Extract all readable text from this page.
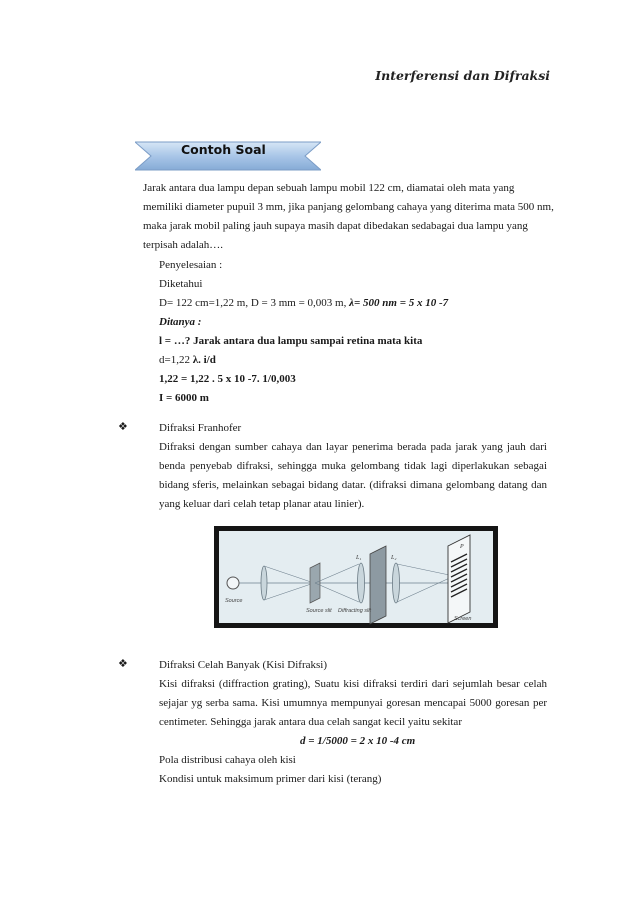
Interferensi dan Difraksi
Contoh Soal
Jarak antara dua lampu depan sebuah lampu mobil 122 cm, diamatai oleh mata yang
memiliki diameter pupuil 3 mm, jika panjang gelombang cahaya yang diterima mata 500 nm,
maka jarak mobil paling jauh supaya masih dapat dibedakan sedabagai dua lampu yang
terpisah adalah….
Penyelesaian :
Diketahui
D= 122 cm=1,22 m, D = 3 mm = 0,003 m, λ= 500 nm = 5 x 10 -7
Ditanya :
l = …? Jarak antara dua lampu sampai retina mata kita
d=1,22 λ. i/d
1,22 = 1,22 . 5 x 10 -7. 1/0,003
I = 6000 m
❖	Difraksi Franhofer
Difraksi dengan sumber cahaya dan layar penerima berada pada jarak yang jauh dari
benda penyebab difraksi, sehingga muka gelombang tidak lagi diperlakukan sebagai
bidang sferis, melainkan sebagai bidang datar. (difraksi dimana gelombang datang dan
yang keluar dari celah tetap planar atau linier).
Source
Source slit Diffracting slit
Screen
L₁	L₂
P
❖	Difraksi Celah Banyak (Kisi Difraksi)
Kisi difraksi (diffraction grating), Suatu kisi difraksi terdiri dari sejumlah besar celah
sejajar yg serba sama. Kisi umumnya mempunyai goresan mencapai 5000 goresan per
centimeter. Sehingga jarak antara dua celah sangat kecil yaitu sekitar
d = 1/5000 = 2 x 10 -4 cm
Pola distribusi cahaya oleh kisi
Kondisi untuk maksimum primer dari kisi (terang)
